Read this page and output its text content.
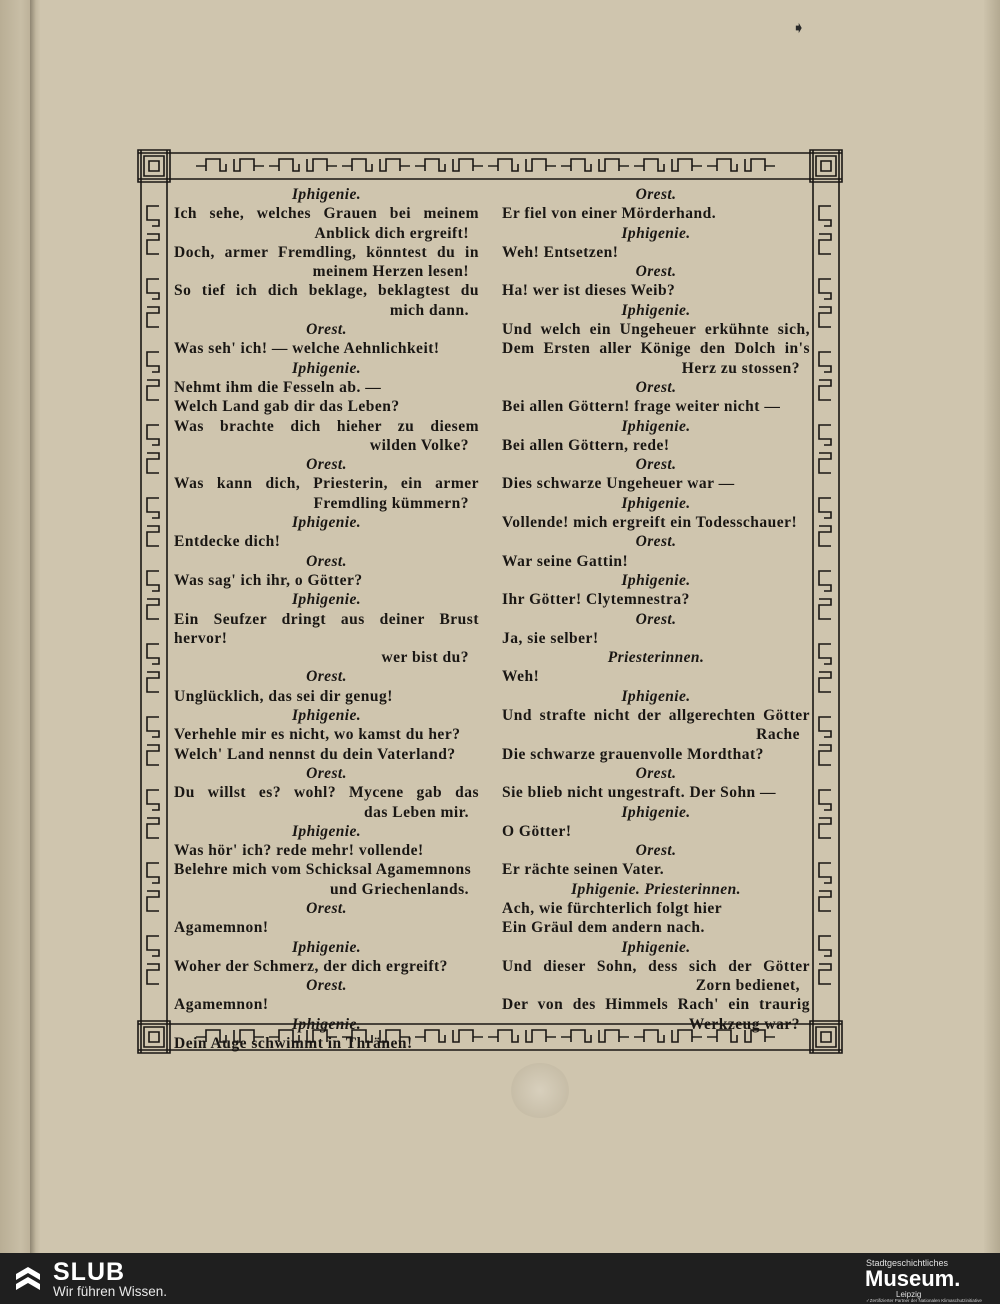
➧
Iphigenie.
Ich sehe, welches Grauen bei meinem
Anblick dich ergreift!
Doch, armer Fremdling, könntest du in
meinem Herzen lesen!
So tief ich dich beklage, beklagtest du
mich dann.
Orest.
Was seh' ich! — welche Aehnlichkeit!
Iphigenie.
Nehmt ihm die Fesseln ab. —
Welch Land gab dir das Leben?
Was brachte dich hieher zu diesem
wilden Volke?
Orest.
Was kann dich, Priesterin, ein armer
Fremdling kümmern?
Iphigenie.
Entdecke dich!
Orest.
Was sag' ich ihr, o Götter?
Iphigenie.
Ein Seufzer dringt aus deiner Brust hervor!
wer bist du?
Orest.
Unglücklich, das sei dir genug!
Iphigenie.
Verhehle mir es nicht, wo kamst du her?
Welch' Land nennst du dein Vaterland?
Orest.
Du willst es? wohl? Mycene gab das
das Leben mir.
Iphigenie.
Was hör' ich? rede mehr! vollende!
Belehre mich vom Schicksal Agamemnons
und Griechenlands.
Orest.
Agamemnon!
Iphigenie.
Woher der Schmerz, der dich ergreift?
Orest.
Agamemnon!
Iphigenie.
Dein Auge schwimmt in Thränen!
Orest.
Er fiel von einer Mörderhand.
Iphigenie.
Weh! Entsetzen!
Orest.
Ha! wer ist dieses Weib?
Iphigenie.
Und welch ein Ungeheuer erkühnte sich,
Dem Ersten aller Könige den Dolch in's
Herz zu stossen?
Orest.
Bei allen Göttern! frage weiter nicht —
Iphigenie.
Bei allen Göttern, rede!
Orest.
Dies schwarze Ungeheuer war —
Iphigenie.
Vollende! mich ergreift ein Todesschauer!
Orest.
War seine Gattin!
Iphigenie.
Ihr Götter! Clytemnestra?
Orest.
Ja, sie selber!
Priesterinnen.
Weh!
Iphigenie.
Und strafte nicht der allgerechten Götter
Rache
Die schwarze grauenvolle Mordthat?
Orest.
Sie blieb nicht ungestraft. Der Sohn —
Iphigenie.
O Götter!
Orest.
Er rächte seinen Vater.
Iphigenie. Priesterinnen.
Ach, wie fürchterlich folgt hier
Ein Gräul dem andern nach.
Iphigenie.
Und dieser Sohn, dess sich der Götter
Zorn bedienet,
Der von des Himmels Rach' ein traurig
Werkzeug war?
SLUB
Wir führen Wissen.
Stadtgeschichtliches
Museum.
Leipzig
✓Zertifizierter Partner der Nationalen Klimaschutzinitiative
